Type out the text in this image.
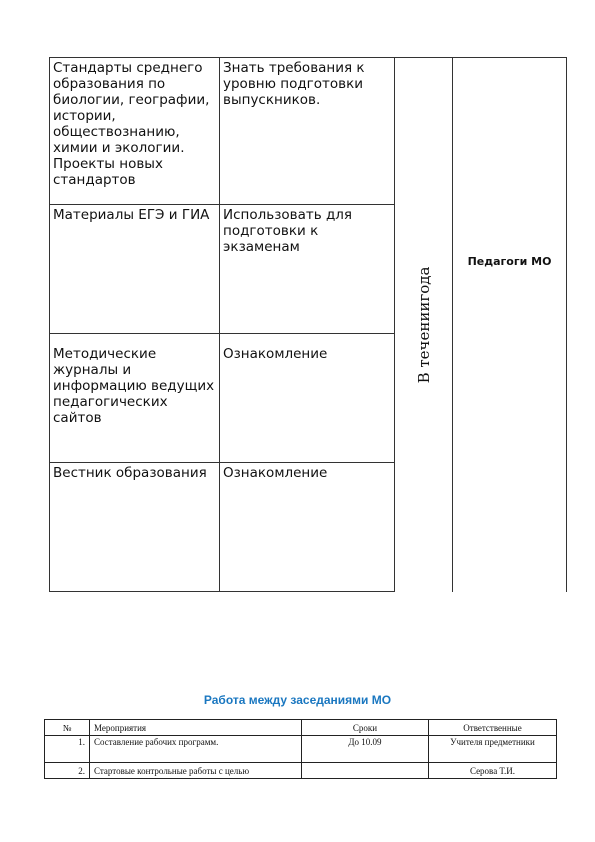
Стандарты среднего образования по биологии, географии, истории, обществознанию, химии и экологии. Проекты новых стандартов	Знать требования к уровню подготовки выпускников.	В течениигода	Педагоги МО

Материалы ЕГЭ и ГИА	Использовать для подготовки к экзаменам		
Методические журналы и информацию ведущих педагогических сайтов	Ознакомление		
Вестник образования	Ознакомление		
Работа между заседаниями МО
№	Мероприятия	Сроки	Ответственные
1.	Составление рабочих программ.	До 10.09	Учителя предметники
2.	Стартовые контрольные работы с целью		Серова Т.И.
